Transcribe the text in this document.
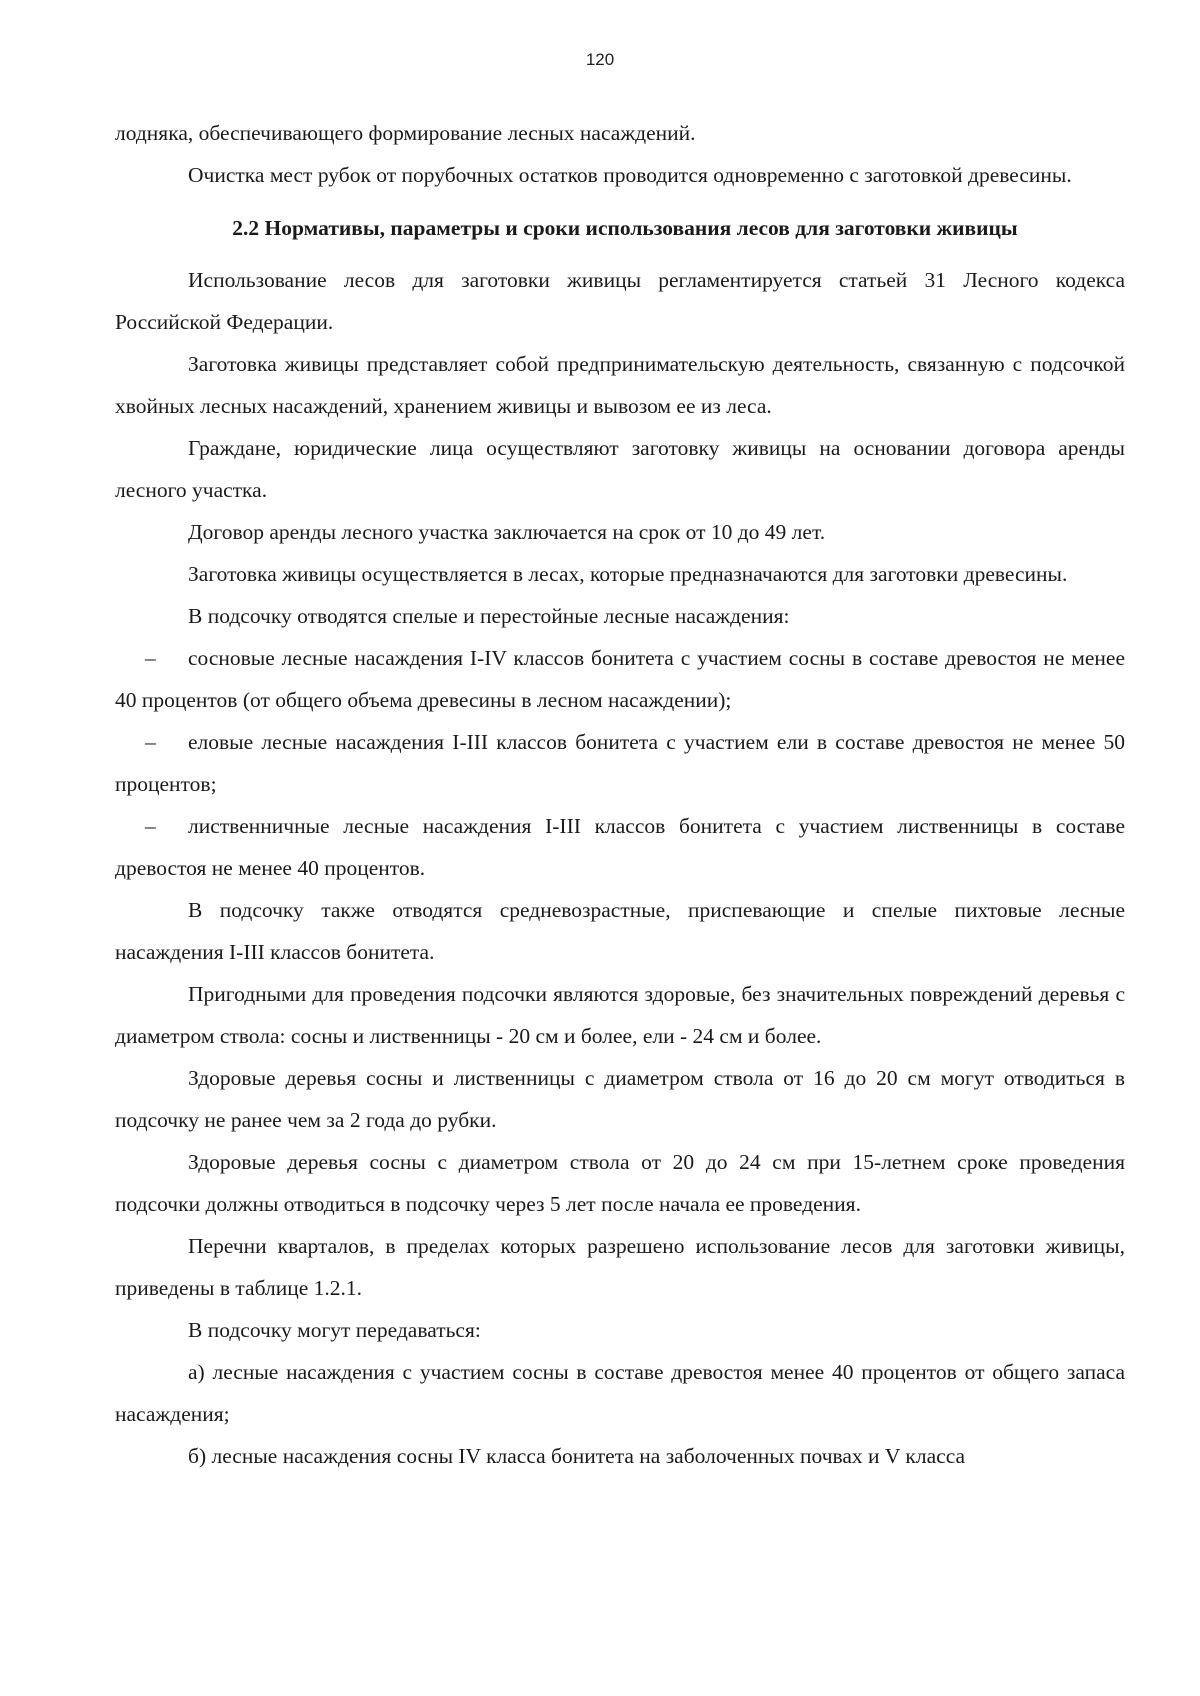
120

лодняка, обеспечивающего формирование лесных насаждений.

Очистка мест рубок от порубочных остатков проводится одновременно с заготовкой древесины.

2.2 Нормативы, параметры и сроки использования лесов для заготовки живицы

Использование лесов для заготовки живицы регламентируется статьей 31 Лесного кодекса Российской Федерации.

Заготовка живицы представляет собой предпринимательскую деятельность, связанную с подсочкой хвойных лесных насаждений, хранением живицы и вывозом ее из леса.

Граждане, юридические лица осуществляют заготовку живицы на основании договора аренды лесного участка.

Договор аренды лесного участка заключается на срок от 10 до 49 лет.

Заготовка живицы осуществляется в лесах, которые предназначаются для заготовки древесины.

В подсочку отводятся спелые и перестойные лесные насаждения:

– сосновые лесные насаждения I-IV классов бонитета с участием сосны в составе древостоя не менее 40 процентов (от общего объема древесины в лесном насаждении);
– еловые лесные насаждения I-III классов бонитета с участием ели в составе древостоя не менее 50 процентов;
– лиственничные лесные насаждения I-III классов бонитета с участием лиственницы в составе древостоя не менее 40 процентов.

В подсочку также отводятся средневозрастные, приспевающие и спелые пихтовые лесные насаждения I-III классов бонитета.

Пригодными для проведения подсочки являются здоровые, без значительных повреждений деревья с диаметром ствола: сосны и лиственницы - 20 см и более, ели - 24 см и более.

Здоровые деревья сосны и лиственницы с диаметром ствола от 16 до 20 см могут отводиться в подсочку не ранее чем за 2 года до рубки.

Здоровые деревья сосны с диаметром ствола от 20 до 24 см при 15-летнем сроке проведения подсочки должны отводиться в подсочку через 5 лет после начала ее проведения.

Перечни кварталов, в пределах которых разрешено использование лесов для заготовки живицы, приведены в таблице 1.2.1.

В подсочку могут передаваться:

а) лесные насаждения с участием сосны в составе древостоя менее 40 процентов от общего запаса насаждения;

б) лесные насаждения сосны IV класса бонитета на заболоченных почвах и V класса
